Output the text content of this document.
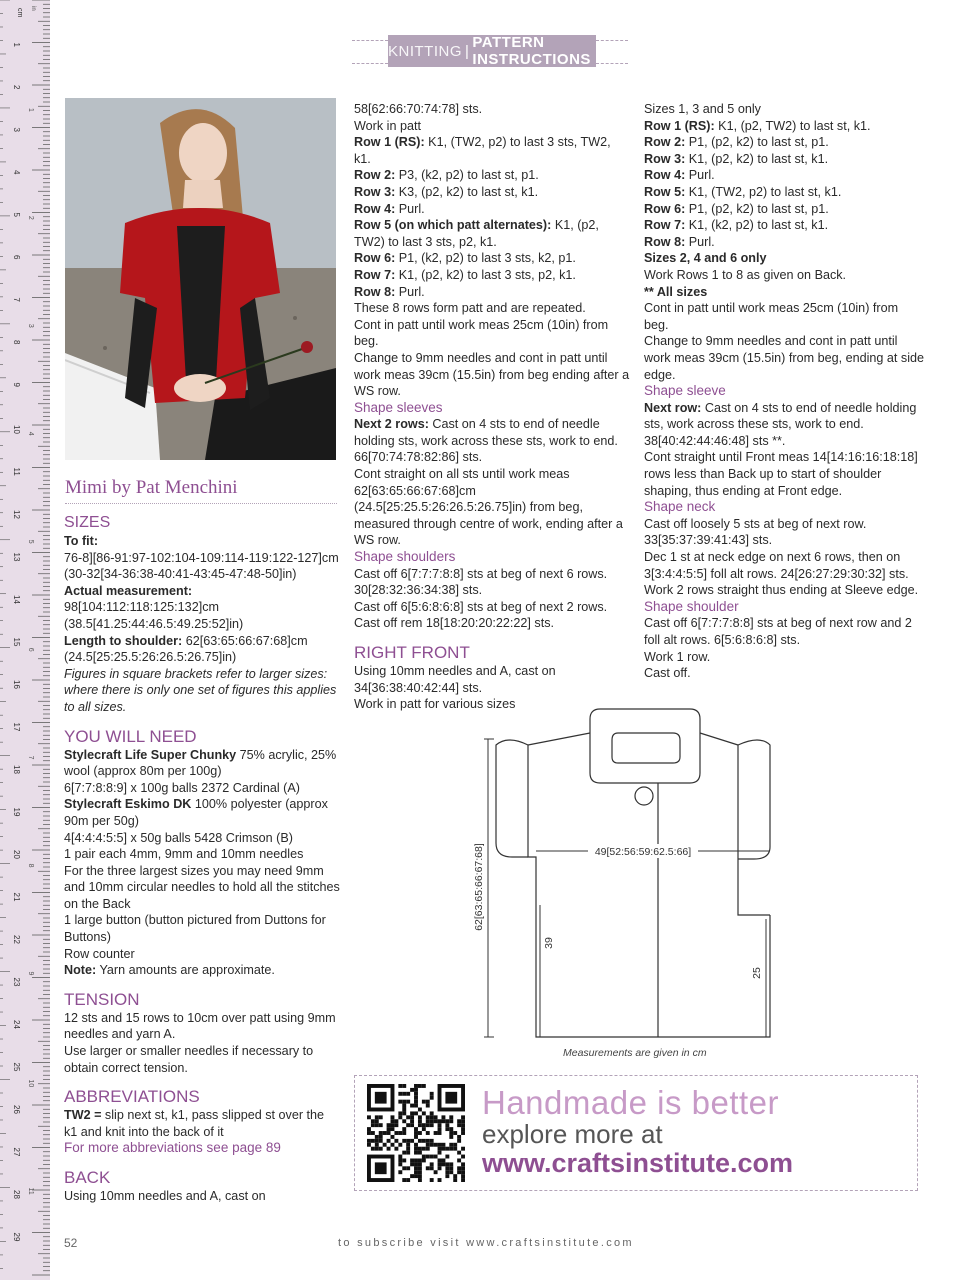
1
2
3
4
5
6
7
8
9
10
11
12
13
14
15
16
17
18
19
20
21
22
23
24
25
26
27
28
29
cm
1
2
3
4
5
6
7
8
9
10
11
in
KNITTING | PATTERN INSTRUCTIONS
Mimi by Pat Menchini

SIZES

To fit:

76-8][86-91:97-102:104-109:114-119:122-127]cm (30-32[34-36:38-40:41-43:45-47:48-50]in)

Actual measurement: 98[104:112:118:125:132]cm (38.5[41.25:44:46.5:49.25:52]in)

Length to shoulder: 62[63:65:66:67:68]cm (24.5[25:25.5:26:26.5:26.75]in)

Figures in square brackets refer to larger sizes: where there is only one set of figures this applies to all sizes.

YOU WILL NEED

Stylecraft Life Super Chunky 75% acrylic, 25% wool (approx 80m per 100g)

6[7:7:8:8:9] x 100g balls 2372 Cardinal (A)

Stylecraft Eskimo DK 100% polyester (approx 90m per 50g)

4[4:4:4:5:5] x 50g balls 5428 Crimson (B)

1 pair each 4mm, 9mm and 10mm needles

For the three largest sizes you may need 9mm and 10mm circular needles to hold all the stitches on the Back

1 large button (button pictured from Duttons for Buttons)

Row counter

Note: Yarn amounts are approximate.

TENSION

12 sts and 15 rows to 10cm over patt using 9mm needles and yarn A.

Use larger or smaller needles if necessary to obtain correct tension.

ABBREVIATIONS

TW2 = slip next st, k1, pass slipped st over the k1 and knit into the back of it

For more abbreviations see page 89

BACK

Using 10mm needles and A, cast on

58[62:66:70:74:78] sts.

Work in patt

Row 1 (RS): K1, (TW2, p2) to last 3 sts, TW2, k1.

Row 2: P3, (k2, p2) to last st, p1.

Row 3: K3, (p2, k2) to last st, k1.

Row 4: Purl.

Row 5 (on which patt alternates): K1, (p2, TW2) to last 3 sts, p2, k1.

Row 6: P1, (k2, p2) to last 3 sts, k2, p1.

Row 7: K1, (p2, k2) to last 3 sts, p2, k1.

Row 8: Purl.

These 8 rows form patt and are repeated.

Cont in patt until work meas 25cm (10in) from beg.

Change to 9mm needles and cont in patt until work meas 39cm (15.5in) from beg ending after a WS row.

Shape sleeves

Next 2 rows: Cast on 4 sts to end of needle holding sts, work across these sts, work to end. 66[70:74:78:82:86] sts.

Cont straight on all sts until work meas 62[63:65:66:67:68]cm (24.5[25:25.5:26:26.5:26.75]in) from beg, measured through centre of work, ending after a WS row.

Shape shoulders

Cast off 6[7:7:7:8:8] sts at beg of next 6 rows. 30[28:32:36:34:38] sts.

Cast off 6[5:6:8:6:8] sts at beg of next 2 rows.

Cast off rem 18[18:20:20:22:22] sts.

RIGHT FRONT

Using 10mm needles and A, cast on 34[36:38:40:42:44] sts.

Work in patt for various sizes

Sizes 1, 3 and 5 only

Row 1 (RS): K1, (p2, TW2) to last st, k1.

Row 2: P1, (p2, k2) to last st, p1.

Row 3: K1, (p2, k2) to last st, k1.

Row 4: Purl.

Row 5: K1, (TW2, p2) to last st, k1.

Row 6: P1, (p2, k2) to last st, p1.

Row 7: K1, (k2, p2) to last st, k1.

Row 8: Purl.

Sizes 2, 4 and 6 only

Work Rows 1 to 8 as given on Back.

** All sizes

Cont in patt until work meas 25cm (10in) from beg.

Change to 9mm needles and cont in patt until work meas 39cm (15.5in) from beg, ending at side edge.

Shape sleeve

Next row: Cast on 4 sts to end of needle holding sts, work across these sts, work to end. 38[40:42:44:46:48] sts **.

Cont straight until Front meas 14[14:16:16:18:18] rows less than Back up to start of shoulder shaping, thus ending at Front edge.

Shape neck

Cast off loosely 5 sts at beg of next row. 33[35:37:39:41:43] sts.

Dec 1 st at neck edge on next 6 rows, then on 3[3:4:4:5:5] foll alt rows. 24[26:27:29:30:32] sts.

Work 2 rows straight thus ending at Sleeve edge.

Shape shoulder

Cast off 6[7:7:7:8:8] sts at beg of next row and 2 foll alt rows. 6[5:6:8:6:8] sts.

Work 1 row.

Cast off.

49[52:56:59:62.5:66]
62[63:65:66:67:68]
39
25
Measurements are given in cm
Handmade is better
explore more at
www.craftsinstitute.com
52	to subscribe visit www.craftsinstitute.com
